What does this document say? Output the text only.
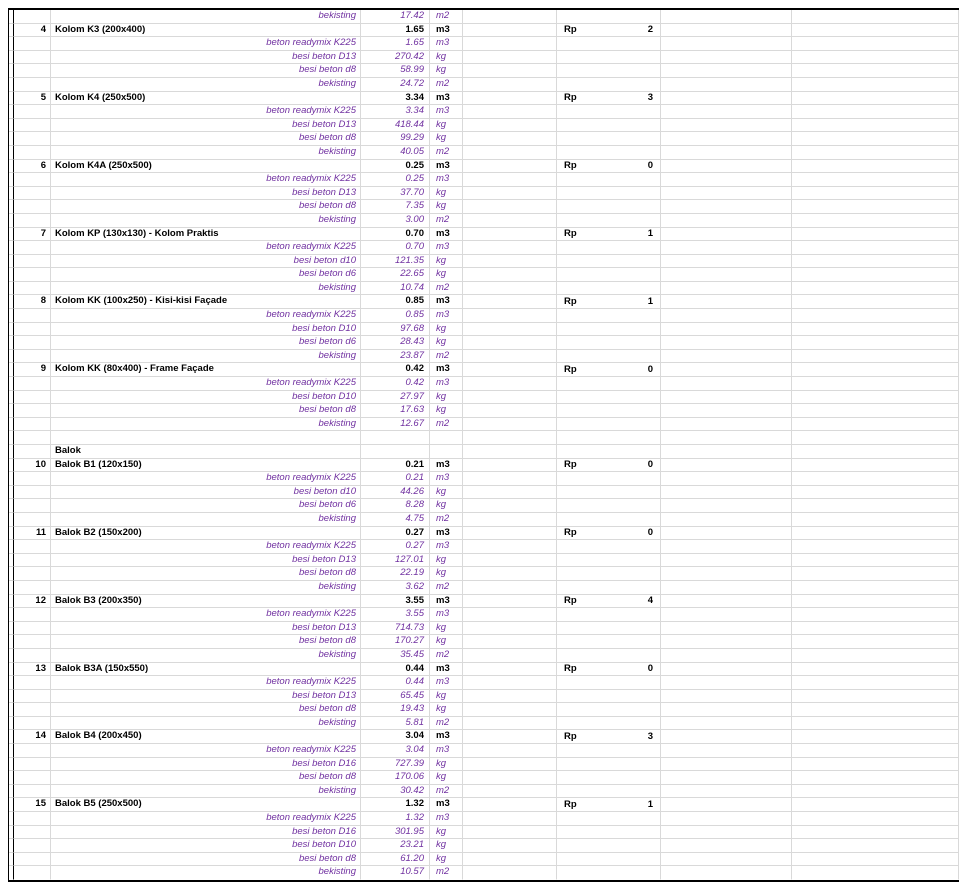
bekisting	17.42	m2
4 Kolom K3 (200x400)	1.65	m3	Rp	2
beton readymix K225	1.65	m3
besi beton D13	270.42	kg
besi beton d8	58.99	kg
bekisting	24.72	m2
5 Kolom K4 (250x500)	3.34	m3	Rp	3
beton readymix K225	3.34	m3
besi beton D13	418.44	kg
besi beton d8	99.29	kg
bekisting	40.05	m2
6 Kolom K4A (250x500)	0.25	m3	Rp	0
beton readymix K225	0.25	m3
besi beton D13	37.70	kg
besi beton d8	7.35	kg
bekisting	3.00	m2
7 Kolom KP (130x130) - Kolom Praktis	0.70	m3	Rp	1
beton readymix K225	0.70	m3
besi beton d10	121.35	kg
besi beton d6	22.65	kg
bekisting	10.74	m2
8 Kolom KK (100x250) - Kisi-kisi Façade	0.85	m3	Rp	1
beton readymix K225	0.85	m3
besi beton D10	97.68	kg
besi beton d6	28.43	kg
bekisting	23.87	m2
9 Kolom KK (80x400) - Frame Façade	0.42	m3	Rp	0
beton readymix K225	0.42	m3
besi beton D10	27.97	kg
besi beton d8	17.63	kg
bekisting	12.67	m2
Balok
10 Balok B1 (120x150)	0.21	m3	Rp	0
beton readymix K225	0.21	m3
besi beton d10	44.26	kg
besi beton d6	8.28	kg
bekisting	4.75	m2
11 Balok B2 (150x200)	0.27	m3	Rp	0
beton readymix K225	0.27	m3
besi beton D13	127.01	kg
besi beton d8	22.19	kg
bekisting	3.62	m2
12 Balok B3 (200x350)	3.55	m3	Rp	4
beton readymix K225	3.55	m3
besi beton D13	714.73	kg
besi beton d8	170.27	kg
bekisting	35.45	m2
13 Balok B3A (150x550)	0.44	m3	Rp	0
beton readymix K225	0.44	m3
besi beton D13	65.45	kg
besi beton d8	19.43	kg
bekisting	5.81	m2
14 Balok B4 (200x450)	3.04	m3	Rp	3
beton readymix K225	3.04	m3
besi beton D16	727.39	kg
besi beton d8	170.06	kg
bekisting	30.42	m2
15 Balok B5 (250x500)	1.32	m3	Rp	1
beton readymix K225	1.32	m3
besi beton D16	301.95	kg
besi beton D10	23.21	kg
besi beton d8	61.20	kg
bekisting	10.57	m2
